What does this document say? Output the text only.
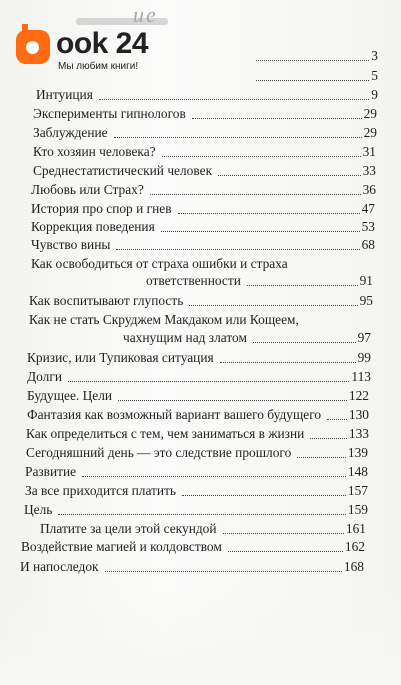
ие
ook 24
Мы любим книги!
3
5
Интуиция	9
Эксперименты гипнологов	29
Заблуждение	29
Кто хозяин человека?	31
Среднестатистический человек	33
Любовь или Страх?	36
История про спор и гнев	47
Коррекция поведения	53
Чувство вины	68
Как освободиться от страха ошибки и страха
ответственности	91
Как воспитывают глупость	95
Как не стать Скруджем Макдаком или Кощеем,
чахнущим над златом	97
Кризис, или Тупиковая ситуация	99
Долги	113
Будущее. Цели	122
Фантазия как возможный вариант вашего будущего	130
Как определиться с тем, чем заниматься в жизни	133
Сегодняшний день — это следствие прошлого	139
Развитие	148
За все приходится платить	157
Цель	159
Платите за цели этой секундой	161
Воздействие магией и колдовством	162
И напоследок	168
